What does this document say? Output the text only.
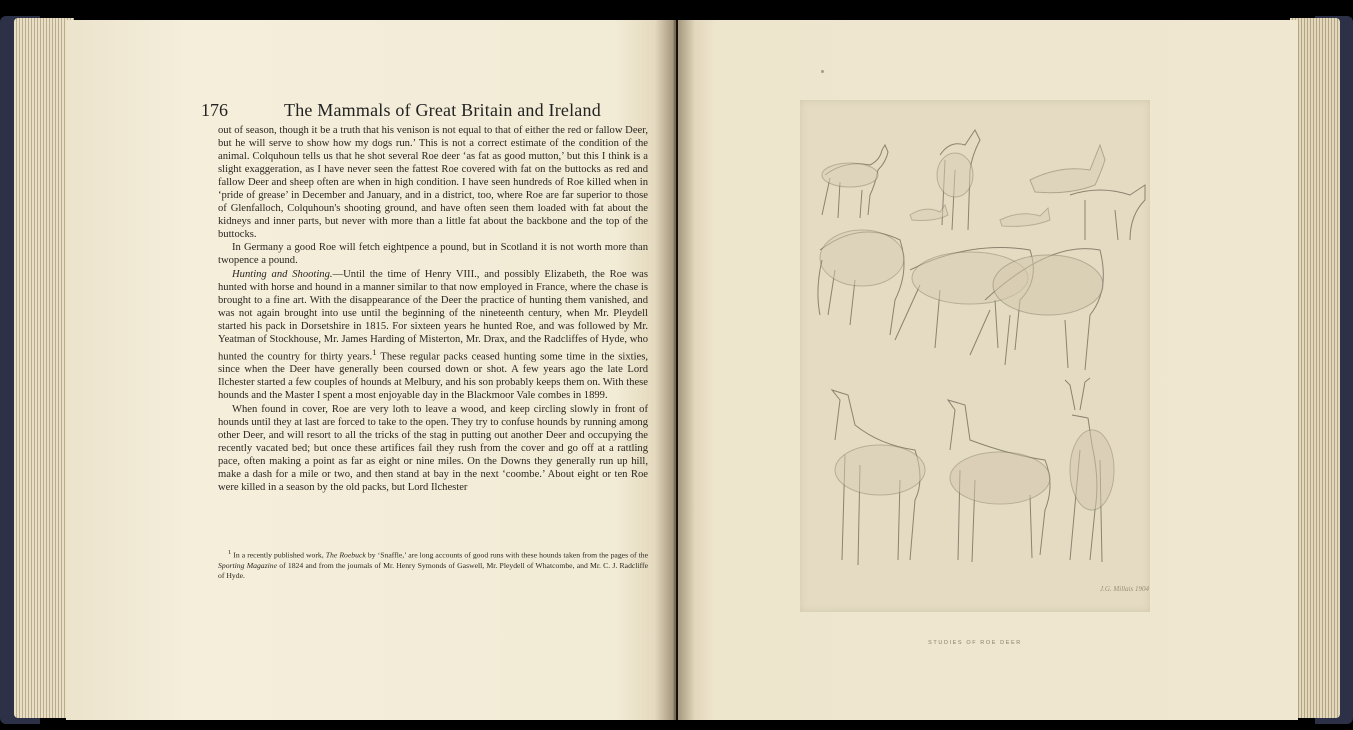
176	The Mammals of Great Britain and Ireland

out of season, though it be a truth that his venison is not equal to that of either the red or fallow Deer, but he will serve to show how my dogs run.’ This is not a correct estimate of the condition of the animal. Colquhoun tells us that he shot several Roe deer ‘as fat as good mutton,’ but this I think is a slight exaggeration, as I have never seen the fattest Roe covered with fat on the buttocks as red and fallow Deer and sheep often are when in high condition. I have seen hundreds of Roe killed when in ‘pride of grease’ in December and January, and in a district, too, where Roe are far superior to those of Glenfalloch, Colquhoun's shooting ground, and have often seen them loaded with fat about the kidneys and inner parts, but never with more than a little fat about the backbone and the top of the buttocks.

In Germany a good Roe will fetch eightpence a pound, but in Scotland it is not worth more than twopence a pound.

Hunting and Shooting.—Until the time of Henry VIII., and possibly Elizabeth, the Roe was hunted with horse and hound in a manner similar to that now employed in France, where the chase is brought to a fine art. With the disappearance of the Deer the practice of hunting them vanished, and was not again brought into use until the beginning of the nineteenth century, when Mr. Pleydell started his pack in Dorsetshire in 1815. For sixteen years he hunted Roe, and was followed by Mr. Yeatman of Stockhouse, Mr. James Harding of Misterton, Mr. Drax, and the Radcliffes of Hyde, who hunted the country for thirty years.$^1$ These regular packs ceased hunting some time in the sixties, since when the Deer have generally been coursed down or shot. A few years ago the late Lord Ilchester started a few couples of hounds at Melbury, and his son probably keeps them on. With these hounds and the Master I spent a most enjoyable day in the Blackmoor Vale combes in 1899.

When found in cover, Roe are very loth to leave a wood, and keep circling slowly in front of hounds until they at last are forced to take to the open. They try to confuse hounds by running among other Deer, and will resort to all the tricks of the stag in putting out another Deer and occupying the recently vacated bed; but once these artifices fail they rush from the cover and go off at a rattling pace, often making a point as far as eight or nine miles. On the Downs they generally run up hill, make a dash for a mile or two, and then stand at bay in the next ‘coombe.’ About eight or ten Roe were killed in a season by the old packs, but Lord Ilchester

$^1$ In a recently published work, The Roebuck by ‘Snaffle,’ are long accounts of good runs with these hounds taken from the pages of the Sporting Magazine of 1824 and from the journals of Mr. Henry Symonds of Gaswell, Mr. Pleydell of Whatcombe, and Mr. C. J. Radcliffe of Hyde.

J.G. Millais 1904
STUDIES OF ROE DEER
